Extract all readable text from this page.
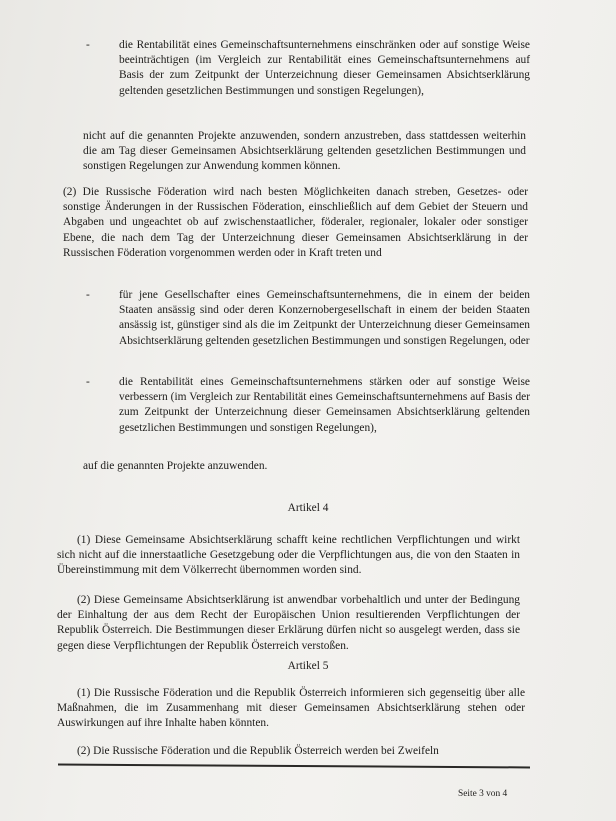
-	die Rentabilität eines Gemeinschaftsunternehmens einschränken oder auf sonstige Weise beeinträchtigen (im Vergleich zur Rentabilität eines Gemeinschaftsunternehmens auf Basis der zum Zeitpunkt der Unterzeichnung dieser Gemeinsamen Absichtserklärung geltenden gesetzlichen Bestimmungen und sonstigen Regelungen),
nicht auf die genannten Projekte anzuwenden, sondern anzustreben, dass stattdessen weiterhin die am Tag dieser Gemeinsamen Absichtserklärung geltenden gesetzlichen Bestimmungen und sonstigen Regelungen zur Anwendung kommen können.
(2) Die Russische Föderation wird nach besten Möglichkeiten danach streben, Gesetzes- oder sonstige Änderungen in der Russischen Föderation, einschließlich auf dem Gebiet der Steuern und Abgaben und ungeachtet ob auf zwischenstaatlicher, föderaler, regionaler, lokaler oder sonstiger Ebene, die nach dem Tag der Unterzeichnung dieser Gemeinsamen Absichtserklärung in der Russischen Föderation vorgenommen werden oder in Kraft treten und
-	für jene Gesellschafter eines Gemeinschaftsunternehmens, die in einem der beiden Staaten ansässig sind oder deren Konzernobergesellschaft in einem der beiden Staaten ansässig ist, günstiger sind als die im Zeitpunkt der Unterzeichnung dieser Gemeinsamen Absichtserklärung geltenden gesetzlichen Bestimmungen und sonstigen Regelungen, oder
-	die Rentabilität eines Gemeinschaftsunternehmens stärken oder auf sonstige Weise verbessern (im Vergleich zur Rentabilität eines Gemeinschaftsunternehmens auf Basis der zum Zeitpunkt der Unterzeichnung dieser Gemeinsamen Absichtserklärung geltenden gesetzlichen Bestimmungen und sonstigen Regelungen),
auf die genannten Projekte anzuwenden.
Artikel 4
(1) Diese Gemeinsame Absichtserklärung schafft keine rechtlichen Verpflichtungen und wirkt sich nicht auf die innerstaatliche Gesetzgebung oder die Verpflichtungen aus, die von den Staaten in Übereinstimmung mit dem Völkerrecht übernommen worden sind.
(2) Diese Gemeinsame Absichtserklärung ist anwendbar vorbehaltlich und unter der Bedingung der Einhaltung der aus dem Recht der Europäischen Union resultierenden Verpflichtungen der Republik Österreich. Die Bestimmungen dieser Erklärung dürfen nicht so ausgelegt werden, dass sie gegen diese Verpflichtungen der Republik Österreich verstoßen.
Artikel 5
(1) Die Russische Föderation und die Republik Österreich informieren sich gegenseitig über alle Maßnahmen, die im Zusammenhang mit dieser Gemeinsamen Absichtserklärung stehen oder Auswirkungen auf ihre Inhalte haben könnten.
(2) Die Russische Föderation und die Republik Österreich werden bei Zweifeln
Seite 3 von 4
